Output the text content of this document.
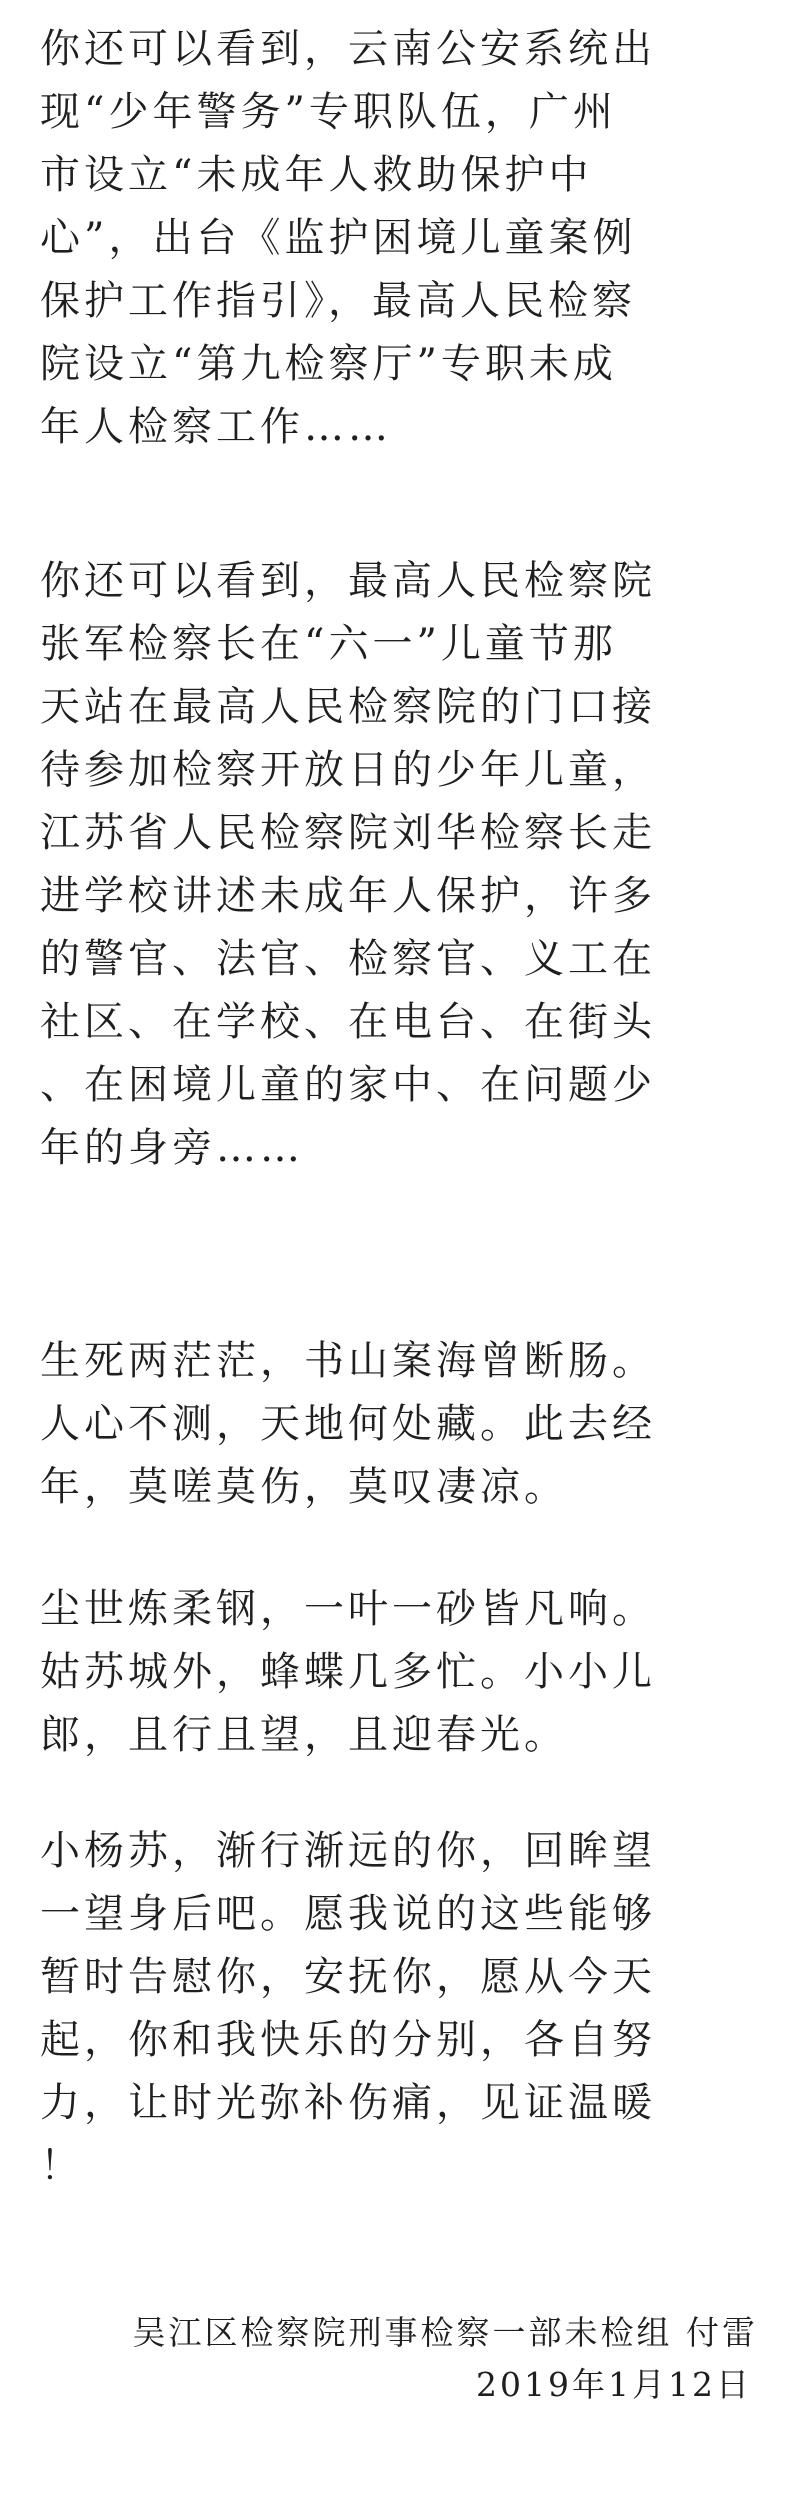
你还可以看到，云南公安系统出
现“少年警务”专职队伍，广州
市设立“未成年人救助保护中
心”，出台《监护困境儿童案例
保护工作指引》，最高人民检察
院设立“第九检察厅”专职未成
年人检察工作……
你还可以看到，最高人民检察院
张军检察长在“六一”儿童节那
天站在最高人民检察院的门口接
待参加检察开放日的少年儿童，
江苏省人民检察院刘华检察长走
进学校讲述未成年人保护，许多
的警官、法官、检察官、义工在
社区、在学校、在电台、在街头
、在困境儿童的家中、在问题少
年的身旁……
生死两茫茫，书山案海曾断肠。
人心不测，天地何处藏。此去经
年，莫嗟莫伤，莫叹凄凉。
尘世炼柔钢，一叶一砂皆凡响。
姑苏城外，蜂蝶几多忙。小小儿
郎，且行且望，且迎春光。
小杨苏，渐行渐远的你，回眸望
一望身后吧。愿我说的这些能够
暂时告慰你，安抚你，愿从今天
起，你和我快乐的分别，各自努
力，让时光弥补伤痛，见证温暖
！
吴江区检察院刑事检察一部未检组 付雷
2019年1月12日
